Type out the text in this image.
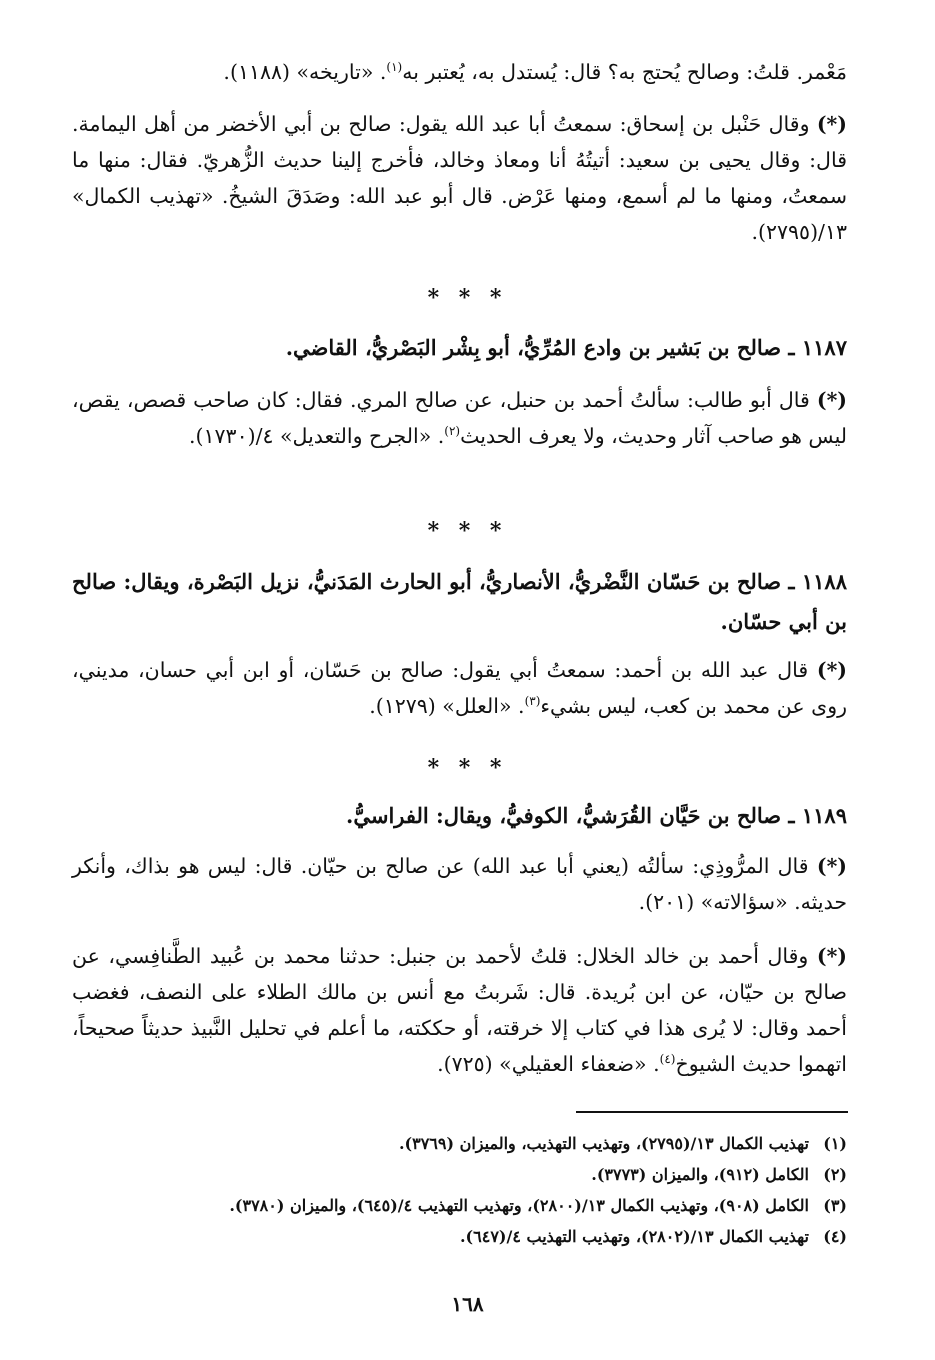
مَعْمر. قلتُ: وصالح يُحتج به؟ قال: يُستدل به، يُعتبر به$^{(١)}$. «تاريخه» (١١٨٨).

(*) وقال حَنْبل بن إسحاق: سمعتُ أبا عبد الله يقول: صالح بن أبي الأخضر من أهل اليمامة. قال: وقال يحيى بن سعيد: أتيتُهُ أنا ومعاذ وخالد، فأخرج إلينا حديث الزُّهريّ. فقال: منها ما سمعتُ، ومنها ما لم أسمع، ومنها عَرْض. قال أبو عبد الله: وصَدَقَ الشيخُ. «تهذيب الكمال» ١٣/(٢٧٩٥).

* * *

١١٨٧ ـ صالح بن بَشير بن وادع المُرِّيُّ، أبو بِشْر البَصْريُّ، القاضي.

(*) قال أبو طالب: سألتُ أحمد بن حنبل، عن صالح المري. فقال: كان صاحب قصص، يقص، ليس هو صاحب آثار وحديث، ولا يعرف الحديث$^{(٢)}$. «الجرح والتعديل» ٤/(١٧٣٠).

* * *

١١٨٨ ـ صالح بن حَسّان النَّضْريُّ، الأنصاريُّ، أبو الحارث المَدَنيُّ، نزيل البَصْرة، ويقال: صالح بن أبي حسّان.

(*) قال عبد الله بن أحمد: سمعتُ أبي يقول: صالح بن حَسّان، أو ابن أبي حسان، مديني، روى عن محمد بن كعب، ليس بشيء$^{(٣)}$. «العلل» (١٢٧٩).

* * *

١١٨٩ ـ صالح بن حَيَّان القُرَشيُّ، الكوفيُّ، ويقال: الفراسيُّ.

(*) قال المرُّوذِي: سألتُه (يعني أبا عبد الله) عن صالح بن حيّان. قال: ليس هو بذاك، وأنكر حديثه. «سؤالاته» (٢٠١).

(*) وقال أحمد بن خالد الخلال: قلتُ لأحمد بن جنبل: حدثنا محمد بن عُبيد الطَّنافِسي، عن صالح بن حيّان، عن ابن بُريدة. قال: شَربتُ مع أنس بن مالك الطلاء على النصف، فغضب أحمد وقال: لا يُرى هذا في كتاب إلا خرقته، أو حككته، ما أعلم في تحليل النَّبيذ حديثاً صحيحاً، اتهموا حديث الشيوخ$^{(٤)}$. «ضعفاء العقيلي» (٧٢٥).

(١)تهذيب الكمال ١٣/(٢٧٩٥)، وتهذيب التهذيب، والميزان (٣٧٦٩).

(٢)الكامل (٩١٢)، والميزان (٣٧٧٣).

(٣)الكامل (٩٠٨)، وتهذيب الكمال ١٣/(٢٨٠٠)، وتهذيب التهذيب ٤/(٦٤٥)، والميزان (٣٧٨٠).

(٤)تهذيب الكمال ١٣/(٢٨٠٢)، وتهذيب التهذيب ٤/(٦٤٧).

١٦٨
